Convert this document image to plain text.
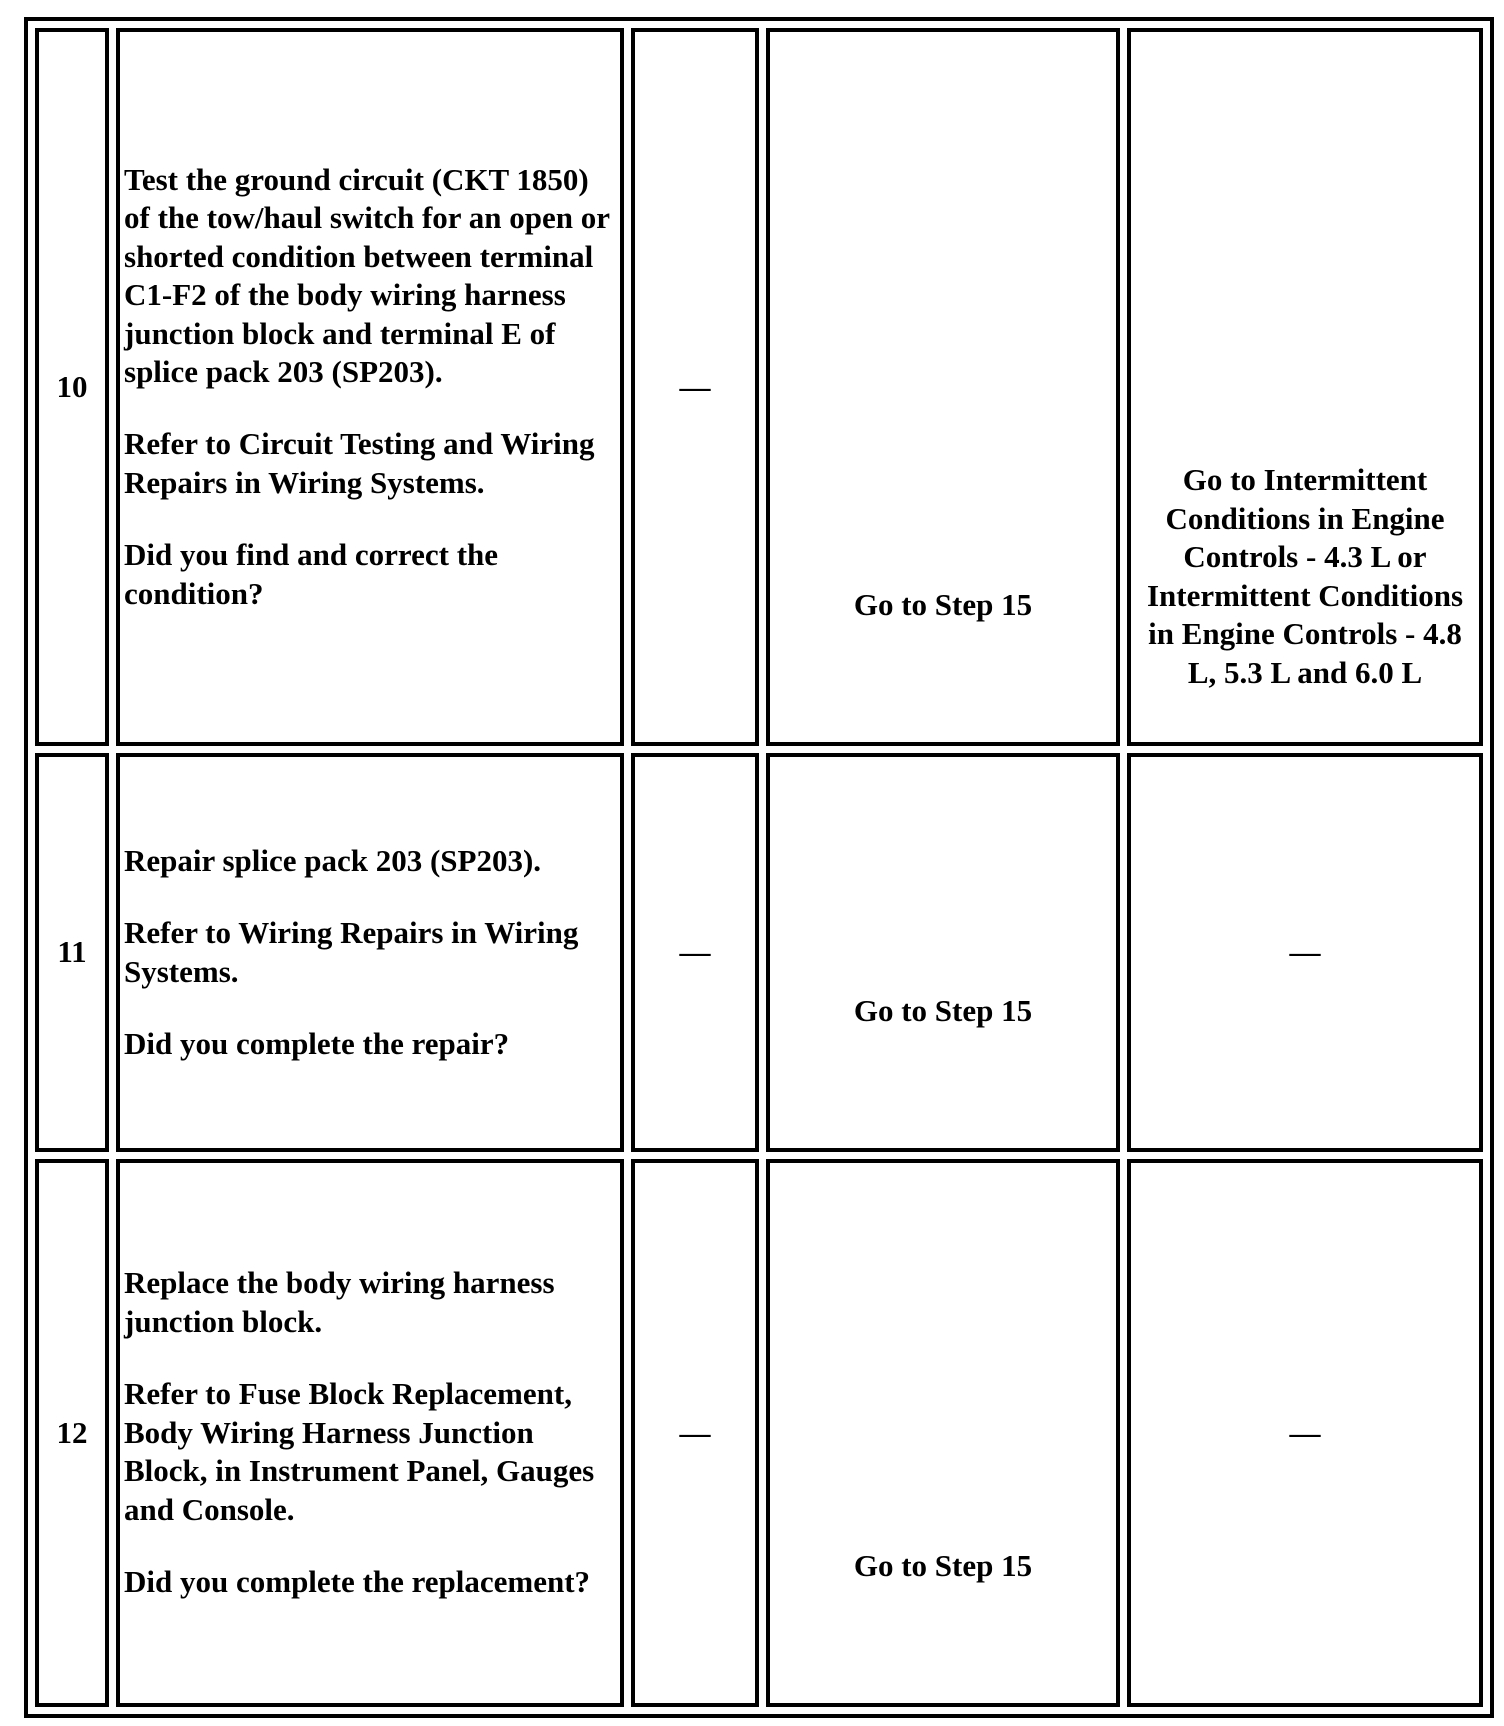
10	Test the ground circuit (CKT 1850) of the tow/haul switch for an open or shorted condition between terminal C1-F2 of the body wiring harness junction block and terminal E of splice pack 203 (SP203).

Refer to Circuit Testing and Wiring Repairs in Wiring Systems.

Did you find and correct the condition?	—	Go to Step 15	Go to Intermittent Conditions in Engine Controls - 4.3 L or Intermittent Conditions in Engine Controls - 4.8 L, 5.3 L and 6.0 L

11	Repair splice pack 203 (SP203).

Refer to Wiring Repairs in Wiring Systems.

Did you complete the repair?	—	Go to Step 15	—

12	Replace the body wiring harness junction block.

Refer to Fuse Block Replacement, Body Wiring Harness Junction Block, in Instrument Panel, Gauges and Console.

Did you complete the replacement?	—	Go to Step 15	—
